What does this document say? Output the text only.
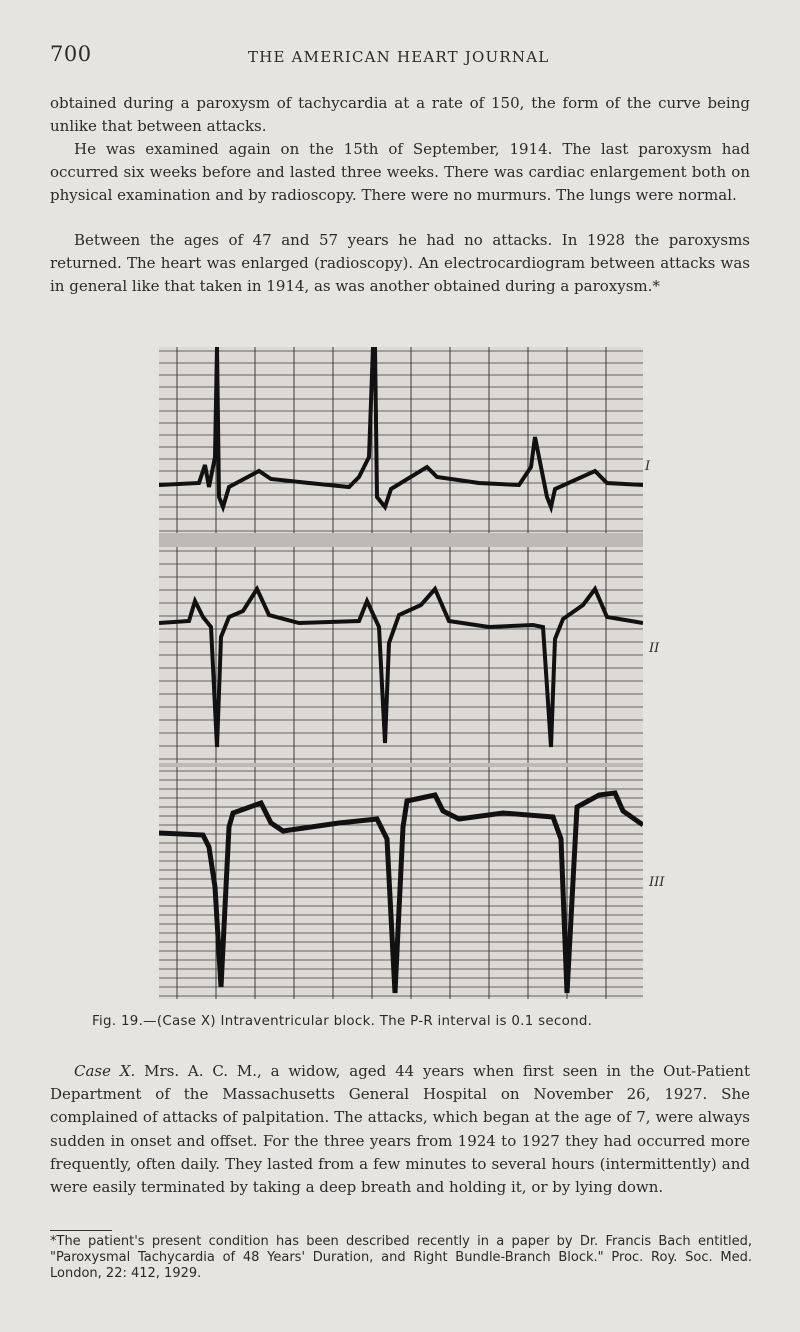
700	THE AMERICAN HEART JOURNAL

obtained during a paroxysm of tachycardia at a rate of 150, the form of the curve being unlike that between attacks.

He was examined again on the 15th of September, 1914. The last paroxysm had occurred six weeks before and lasted three weeks. There was cardiac enlargement both on physical examination and by radioscopy. There were no murmurs. The lungs were normal.

Between the ages of 47 and 57 years he had no attacks. In 1928 the paroxysms returned. The heart was enlarged (radioscopy). An electrocardiogram between attacks was in general like that taken in 1914, as was another obtained during a paroxysm.*

I
II
III
Fig. 19.—(Case X) Intraventricular block. The P-R interval is 0.1 second.

Case X. Mrs. A. C. M., a widow, aged 44 years when first seen in the Out-Patient Department of the Massachusetts General Hospital on November 26, 1927. She complained of attacks of palpitation. The attacks, which began at the age of 7, were always sudden in onset and offset. For the three years from 1924 to 1927 they had occurred more frequently, often daily. They lasted from a few minutes to several hours (intermittently) and were easily terminated by taking a deep breath and holding it, or by lying down.

*The patient's present condition has been described recently in a paper by Dr. Francis Bach entitled, "Paroxysmal Tachycardia of 48 Years' Duration, and Right Bundle-Branch Block." Proc. Roy. Soc. Med. London, 22: 412, 1929.
